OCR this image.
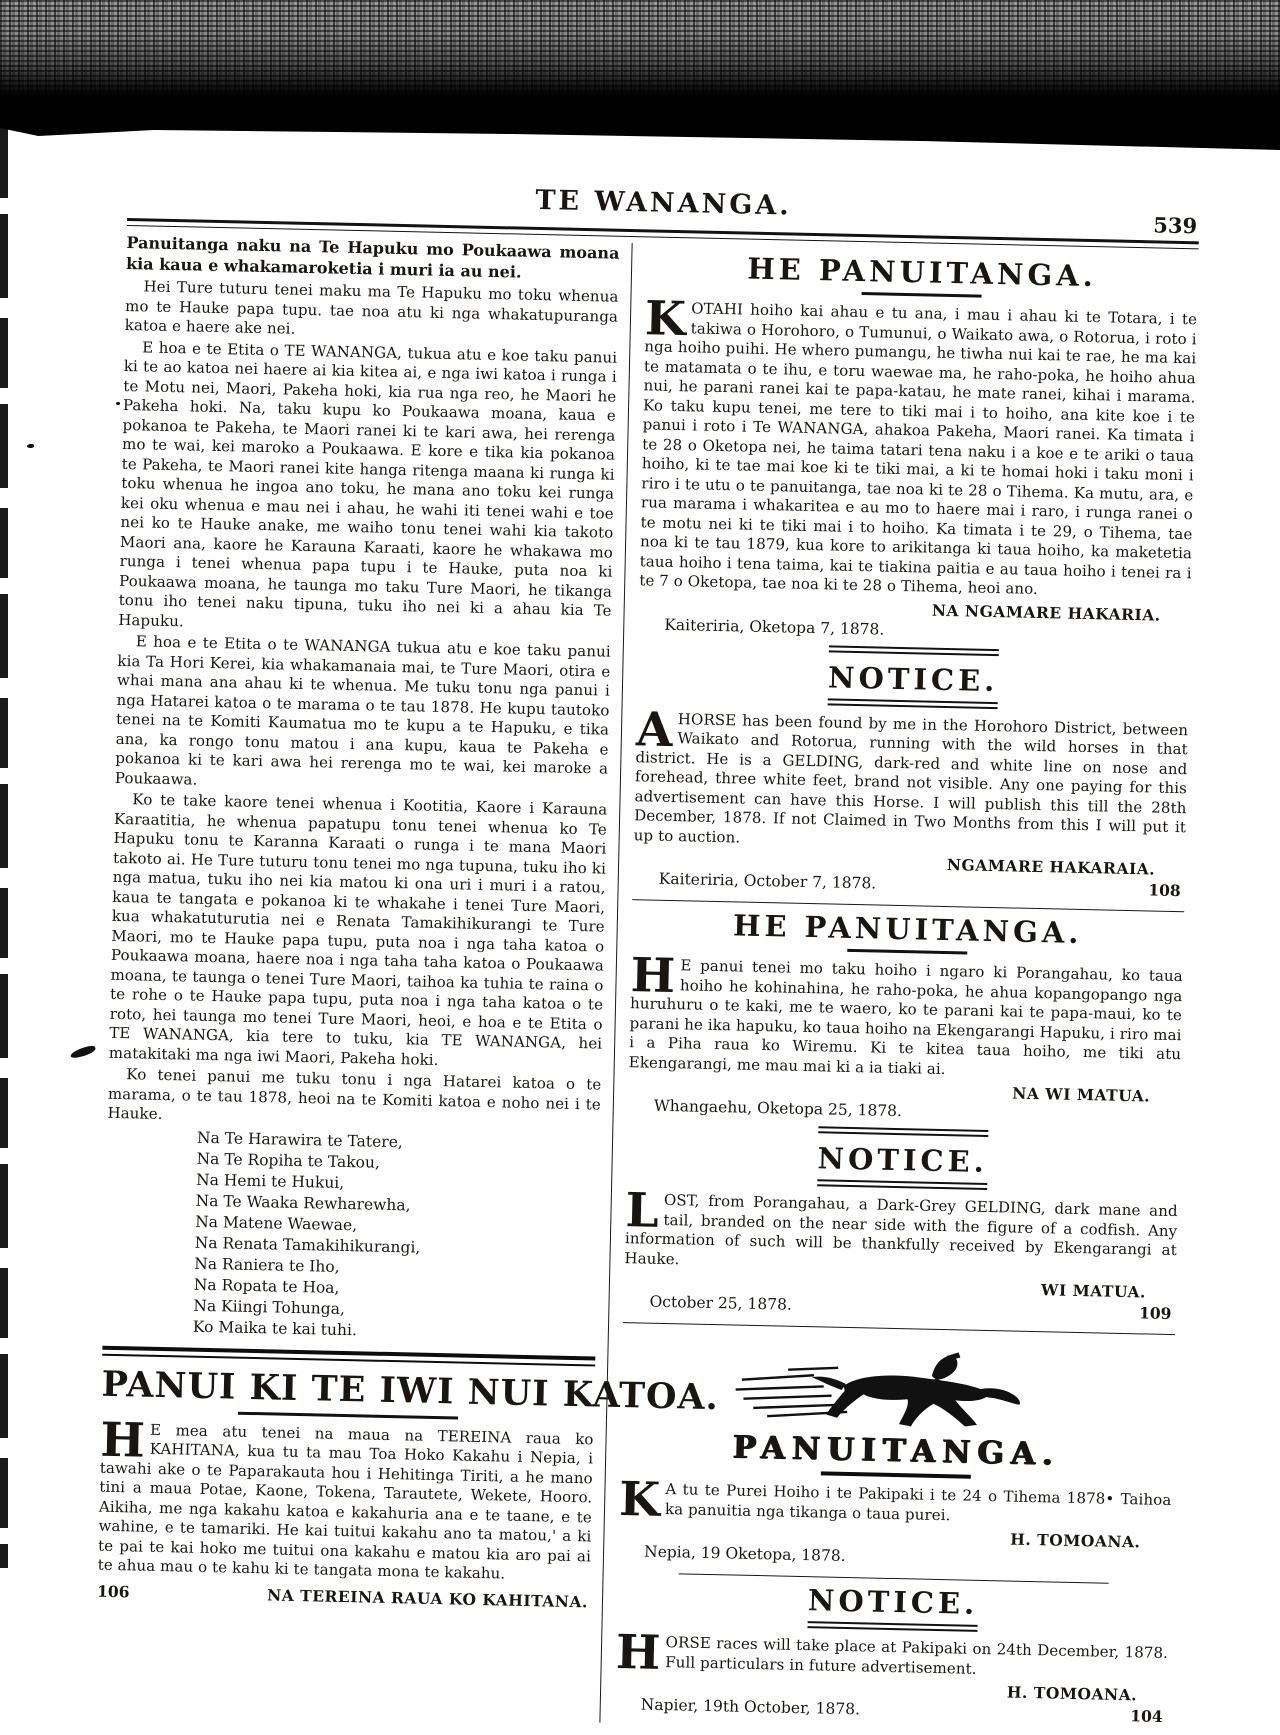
TE WANANGA.
539

Panuitanga naku na Te Hapuku mo Poukaawa moana kia kaua e whakamaroketia i muri ia au nei.

Hei Ture tuturu tenei maku ma Te Hapuku mo toku whenua mo te Hauke papa tupu. tae noa atu ki nga whakatupuranga katoa e haere ake nei.

E hoa e te Etita o TE WANANGA, tukua atu e koe taku panui ki te ao katoa nei haere ai kia kitea ai, e nga iwi katoa i runga i te Motu nei, Maori, Pakeha hoki, kia rua nga reo, he Maori he Pakeha hoki. Na, taku kupu ko Poukaawa moana, kaua e pokanoa te Pakeha, te Maori ranei ki te kari awa, hei rerenga mo te wai, kei maroko a Poukaawa. E kore e tika kia pokanoa te Pakeha, te Maori ranei kite hanga ritenga maana ki runga ki toku whenua he ingoa ano toku, he mana ano toku kei runga kei oku whenua e mau nei i ahau, he wahi iti tenei wahi e toe nei ko te Hauke anake, me waiho tonu tenei wahi kia takoto Maori ana, kaore he Karauna Karaati, kaore he whakawa mo runga i tenei whenua papa tupu i te Hauke, puta noa ki Poukaawa moana, he taunga mo taku Ture Maori, he tikanga tonu iho tenei naku tipuna, tuku iho nei ki a ahau kia Te Hapuku.

E hoa e te Etita o te WANANGA tukua atu e koe taku panui kia Ta Hori Kerei, kia whakamanaia mai, te Ture Maori, otira e whai mana ana ahau ki te whenua. Me tuku tonu nga panui i nga Hatarei katoa o te marama o te tau 1878. He kupu tautoko tenei na te Komiti Kaumatua mo te kupu a te Hapuku, e tika ana, ka rongo tonu matou i ana kupu, kaua te Pakeha e pokanoa ki te kari awa hei rerenga mo te wai, kei maroke a Poukaawa.

Ko te take kaore tenei whenua i Kootitia, Kaore i Karauna Karaatitia, he whenua papatupu tonu tenei whenua ko Te Hapuku tonu te Karanna Karaati o runga i te mana Maori takoto ai. He Ture tuturu tonu tenei mo nga tupuna, tuku iho ki nga matua, tuku iho nei kia matou ki ona uri i muri i a ratou, kaua te tangata e pokanoa ki te whakahe i tenei Ture Maori, kua whakatuturutia nei e Renata Tamakihikurangi te Ture Maori, mo te Hauke papa tupu, puta noa i nga taha katoa o Poukaawa moana, haere noa i nga taha taha katoa o Poukaawa moana, te taunga o tenei Ture Maori, taihoa ka tuhia te raina o te rohe o te Hauke papa tupu, puta noa i nga taha katoa o te roto, hei taunga mo tenei Ture Maori, heoi, e hoa e te Etita o TE WANANGA, kia tere to tuku, kia TE WANANGA, hei matakitaki ma nga iwi Maori, Pakeha hoki.

Ko tenei panui me tuku tonu i nga Hatarei katoa o te marama, o te tau 1878, heoi na te Komiti katoa e noho nei i te Hauke.

Na Te Harawira te Tatere,
Na Te Ropiha te Takou,
Na Hemi te Hukui,
Na Te Waaka Rewharewha,
Na Matene Waewae,
Na Renata Tamakihikurangi,
Na Raniera te Iho,
Na Ropata te Hoa,
Na Kiingi Tohunga,
Ko Maika te kai tuhi.
PANUI KI TE IWI NUI KATOA.

H E mea atu tenei na maua na TEREINA raua ko KAHITANA, kua tu ta mau Toa Hoko Kakahu i Nepia, i tawahi ake o te Paparakauta hou i Hehitinga Tiriti, a he mano tini a maua Potae, Kaone, Tokena, Tarautete, Wekete, Hooro. Aikiha, me nga kakahu katoa e kakahuria ana e te taane, e te wahine, e te tamariki. He kai tuitui kakahu ano ta matou,' a ki te pai te kai hoko me tuitui ona kakahu e matou kia aro pai ai te ahua mau o te kahu ki te tangata mona te kakahu.

106	NA TEREINA RAUA KO KAHITANA.
HE PANUITANGA.

KOTAHI hoiho kai ahau e tu ana, i mau i ahau ki te Totara, i te takiwa o Horohoro, o Tumunui, o Waikato awa, o Rotorua, i roto i nga hoiho puihi. He whero pumangu, he tiwha nui kai te rae, he ma kai te matamata o te ihu, e toru waewae ma, he raho-poka, he hoiho ahua nui, he parani ranei kai te papa-katau, he mate ranei, kihai i marama. Ko taku kupu tenei, me tere to tiki mai i to hoiho, ana kite koe i te panui i roto i Te WANANGA, ahakoa Pakeha, Maori ranei. Ka timata i te 28 o Oketopa nei, he taima tatari tena naku i a koe e te ariki o taua hoiho, ki te tae mai koe ki te tiki mai, a ki te homai hoki i taku moni i riro i te utu o te panuitanga, tae noa ki te 28 o Tihema. Ka mutu, ara, e rua marama i whakaritea e au mo to haere mai i raro, i runga ranei o te motu nei ki te tiki mai i to hoiho. Ka timata i te 29, o Tihema, tae noa ki te tau 1879, kua kore to arikitanga ki taua hoiho, ka maketetia taua hoiho i tena taima, kai te tiakina paitia e au taua hoiho i tenei ra i te 7 o Oketopa, tae noa ki te 28 o Tihema, heoi ano.

NA NGAMARE HAKARIA.
Kaiteriria, Oketopa 7, 1878.
NOTICE.

AHORSE has been found by me in the Horohoro District, between Waikato and Rotorua, running with the wild horses in that district. He is a GELDING, dark-red and white line on nose and forehead, three white feet, brand not visible. Any one paying for this advertisement can have this Horse. I will publish this till the 28th December, 1878. If not Claimed in Two Months from this I will put it up to auction.

NGAMARE HAKARAIA.
Kaiteriria, October 7, 1878.	108
HE PANUITANGA.

H E panui tenei mo taku hoiho i ngaro ki Porangahau, ko taua hoiho he kohinahina, he raho-poka, he ahua kopangopango nga huruhuru o te kaki, me te waero, ko te parani kai te papa-maui, ko te parani he ika hapuku, ko taua hoiho na Ekengarangi Hapuku, i riro mai i a Piha raua ko Wiremu. Ki te kitea taua hoiho, me tiki atu Ekengarangi, me mau mai ki a ia tiaki ai.

NA WI MATUA.
Whangaehu, Oketopa 25, 1878.
NOTICE.

LOST, from Porangahau, a Dark-Grey GELDING, dark mane and tail, branded on the near side with the figure of a codfish. Any information of such will be thankfully received by Ekengarangi at Hauke.

WI MATUA.
October 25, 1878.	109
PANUITANGA.

K A tu te Purei Hoiho i te Pakipaki i te 24 o Tihema 1878• Taihoa ka panuitia nga tikanga o taua purei.

H. TOMOANA.
Nepia, 19 Oketopa, 1878.
NOTICE.

HORSE races will take place at Pakipaki on 24th December, 1878. Full particulars in future advertisement.

H. TOMOANA.
Napier, 19th October, 1878.	104
